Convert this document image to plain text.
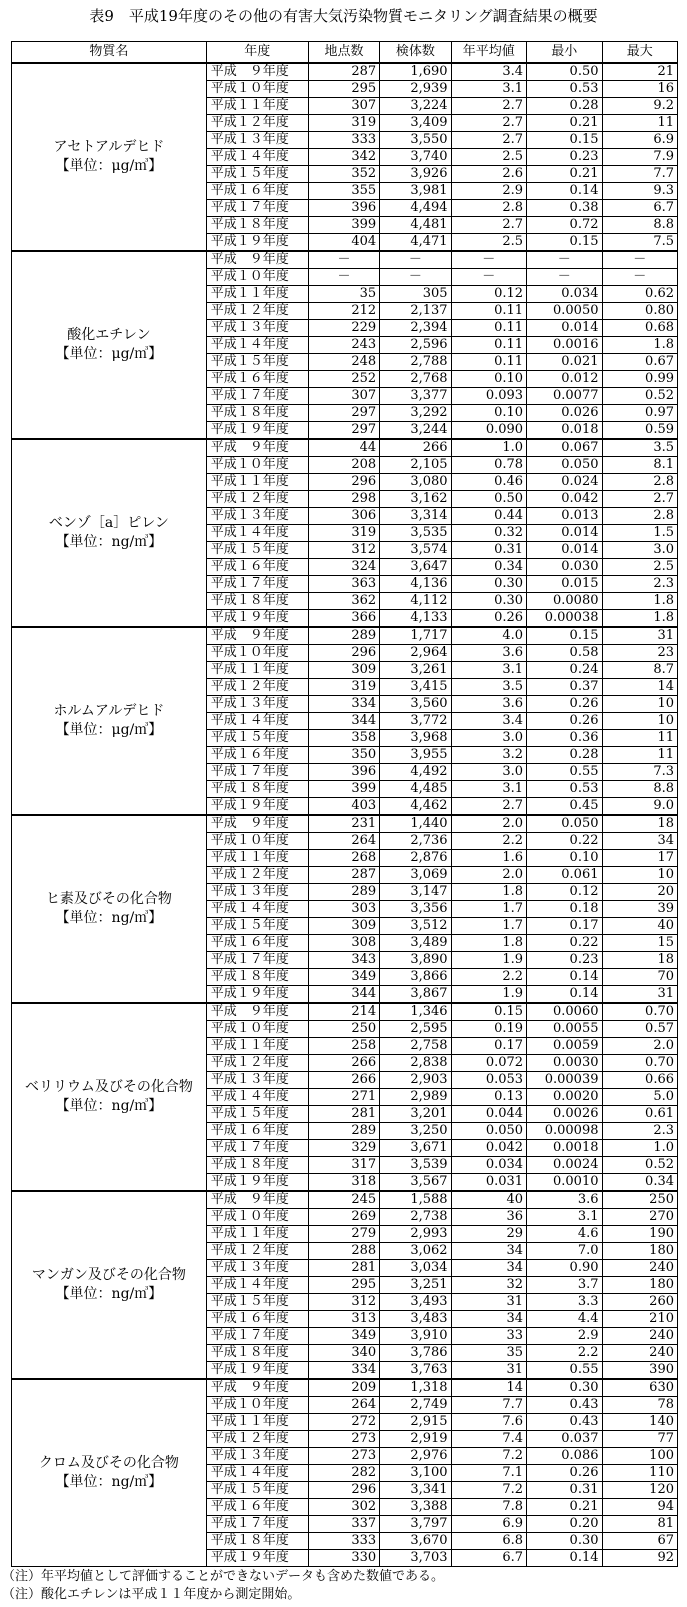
表9　平成19年度のその他の有害大気汚染物質モニタリング調査結果の概要
物質名	年度	地点数	検体数	年平均値	最小	最大

アセトアルデヒド
【単位：μg/㎥】	平成　９年度	287	1,690	3.4	0.50	21
	平成１０年度	295	2,939	3.1	0.53	16
	平成１１年度	307	3,224	2.7	0.28	9.2
	平成１２年度	319	3,409	2.7	0.21	11
	平成１３年度	333	3,550	2.7	0.15	6.9
	平成１４年度	342	3,740	2.5	0.23	7.9
	平成１５年度	352	3,926	2.6	0.21	7.7
	平成１６年度	355	3,981	2.9	0.14	9.3
	平成１７年度	396	4,494	2.8	0.38	6.7
	平成１８年度	399	4,481	2.7	0.72	8.8
	平成１９年度	404	4,471	2.5	0.15	7.5

酸化エチレン
【単位：μg/㎥】	平成　９年度	－	－	－	－	－
	平成１０年度	－	－	－	－	－
	平成１１年度	35	305	0.12	0.034	0.62
	平成１２年度	212	2,137	0.11	0.0050	0.80
	平成１３年度	229	2,394	0.11	0.014	0.68
	平成１４年度	243	2,596	0.11	0.0016	1.8
	平成１５年度	248	2,788	0.11	0.021	0.67
	平成１６年度	252	2,768	0.10	0.012	0.99
	平成１７年度	307	3,377	0.093	0.0077	0.52
	平成１８年度	297	3,292	0.10	0.026	0.97
	平成１９年度	297	3,244	0.090	0.018	0.59

ベンゾ［a］ピレン
【単位：ng/㎥】	平成　９年度	44	266	1.0	0.067	3.5
	平成１０年度	208	2,105	0.78	0.050	8.1
	平成１１年度	296	3,080	0.46	0.024	2.8
	平成１２年度	298	3,162	0.50	0.042	2.7
	平成１３年度	306	3,314	0.44	0.013	2.8
	平成１４年度	319	3,535	0.32	0.014	1.5
	平成１５年度	312	3,574	0.31	0.014	3.0
	平成１６年度	324	3,647	0.34	0.030	2.5
	平成１７年度	363	4,136	0.30	0.015	2.3
	平成１８年度	362	4,112	0.30	0.0080	1.8
	平成１９年度	366	4,133	0.26	0.00038	1.8

ホルムアルデヒド
【単位：μg/㎥】	平成　９年度	289	1,717	4.0	0.15	31
	平成１０年度	296	2,964	3.6	0.58	23
	平成１１年度	309	3,261	3.1	0.24	8.7
	平成１２年度	319	3,415	3.5	0.37	14
	平成１３年度	334	3,560	3.6	0.26	10
	平成１４年度	344	3,772	3.4	0.26	10
	平成１５年度	358	3,968	3.0	0.36	11
	平成１６年度	350	3,955	3.2	0.28	11
	平成１７年度	396	4,492	3.0	0.55	7.3
	平成１８年度	399	4,485	3.1	0.53	8.8
	平成１９年度	403	4,462	2.7	0.45	9.0

ヒ素及びその化合物
【単位：ng/㎥】	平成　９年度	231	1,440	2.0	0.050	18
	平成１０年度	264	2,736	2.2	0.22	34
	平成１１年度	268	2,876	1.6	0.10	17
	平成１２年度	287	3,069	2.0	0.061	10
	平成１３年度	289	3,147	1.8	0.12	20
	平成１４年度	303	3,356	1.7	0.18	39
	平成１５年度	309	3,512	1.7	0.17	40
	平成１６年度	308	3,489	1.8	0.22	15
	平成１７年度	343	3,890	1.9	0.23	18
	平成１８年度	349	3,866	2.2	0.14	70
	平成１９年度	344	3,867	1.9	0.14	31

ベリリウム及びその化合物
【単位：ng/㎥】	平成　９年度	214	1,346	0.15	0.0060	0.70
	平成１０年度	250	2,595	0.19	0.0055	0.57
	平成１１年度	258	2,758	0.17	0.0059	2.0
	平成１２年度	266	2,838	0.072	0.0030	0.70
	平成１３年度	266	2,903	0.053	0.00039	0.66
	平成１４年度	271	2,989	0.13	0.0020	5.0
	平成１５年度	281	3,201	0.044	0.0026	0.61
	平成１６年度	289	3,250	0.050	0.00098	2.3
	平成１７年度	329	3,671	0.042	0.0018	1.0
	平成１８年度	317	3,539	0.034	0.0024	0.52
	平成１９年度	318	3,567	0.031	0.0010	0.34

マンガン及びその化合物
【単位：ng/㎥】	平成　９年度	245	1,588	40	3.6	250
	平成１０年度	269	2,738	36	3.1	270
	平成１１年度	279	2,993	29	4.6	190
	平成１２年度	288	3,062	34	7.0	180
	平成１３年度	281	3,034	34	0.90	240
	平成１４年度	295	3,251	32	3.7	180
	平成１５年度	312	3,493	31	3.3	260
	平成１６年度	313	3,483	34	4.4	210
	平成１７年度	349	3,910	33	2.9	240
	平成１８年度	340	3,786	35	2.2	240
	平成１９年度	334	3,763	31	0.55	390

クロム及びその化合物
【単位：ng/㎥】	平成　９年度	209	1,318	14	0.30	630
	平成１０年度	264	2,749	7.7	0.43	78
	平成１１年度	272	2,915	7.6	0.43	140
	平成１２年度	273	2,919	7.4	0.037	77
	平成１３年度	273	2,976	7.2	0.086	100
	平成１４年度	282	3,100	7.1	0.26	110
	平成１５年度	296	3,341	7.2	0.31	120
	平成１６年度	302	3,388	7.8	0.21	94
	平成１７年度	337	3,797	6.9	0.20	81
	平成１８年度	333	3,670	6.8	0.30	67
	平成１９年度	330	3,703	6.7	0.14	92
（注）年平均値として評価することができないデータも含めた数値である。
（注）酸化エチレンは平成１１年度から測定開始。
